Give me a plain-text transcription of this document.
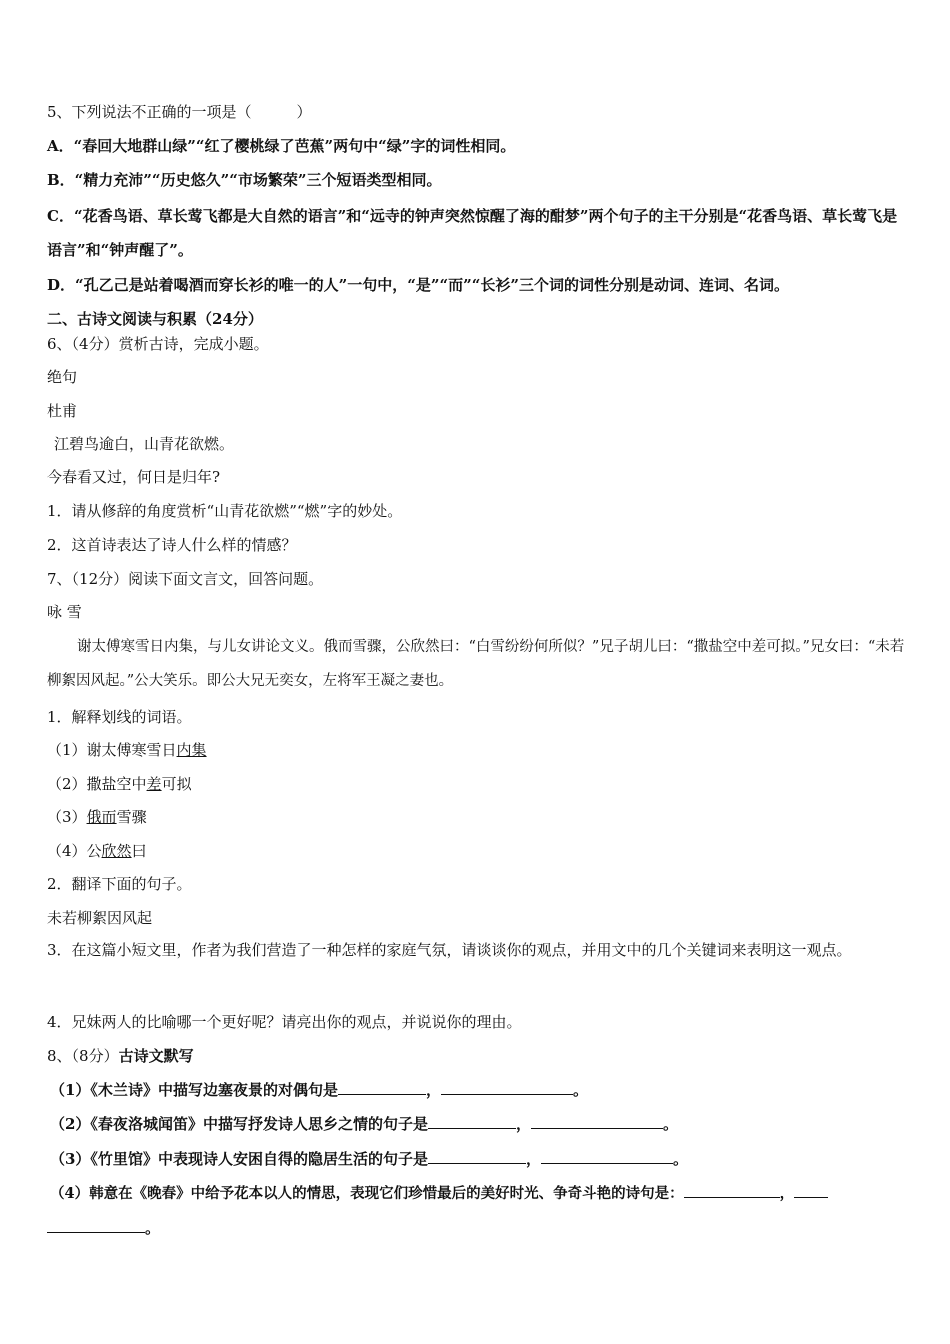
5、下列说法不正确的一项是（　　　）
A．“春回大地群山绿”“红了樱桃绿了芭蕉”两句中“绿”字的词性相同。
B．“精力充沛”“历史悠久”“市场繁荣”三个短语类型相同。
C．“花香鸟语、草长莺飞都是大自然的语言”和“远寺的钟声突然惊醒了海的酣梦”两个句子的主干分别是“花香鸟语、草长莺飞是语言”和“钟声醒了”。
D．“孔乙己是站着喝酒而穿长衫的唯一的人”一句中，“是”“而”“长衫”三个词的词性分别是动词、连词、名词。
二、古诗文阅读与积累（24分）
6、（4分）赏析古诗，完成小题。
绝句
杜甫
江碧鸟逾白，山青花欲燃。
今春看又过，何日是归年?
1．请从修辞的角度赏析“山青花欲燃”“燃”字的妙处。
2．这首诗表达了诗人什么样的情感？
7、（12分）阅读下面文言文，回答问题。
咏 雪
谢太傅寒雪日内集，与儿女讲论文义。俄而雪骤，公欣然曰：“白雪纷纷何所似？”兄子胡儿曰：“撒盐空中差可拟。”兄女曰：“未若柳絮因风起。”公大笑乐。即公大兄无奕女，左将军王凝之妻也。
1．解释划线的词语。
（1）谢太傅寒雪日内集
（2）撒盐空中差可拟
（3）俄而雪骤
（4）公欣然曰
2．翻译下面的句子。
未若柳絮因风起
3．在这篇小短文里，作者为我们营造了一种怎样的家庭气氛，请谈谈你的观点，并用文中的几个关键词来表明这一观点。
4．兄妹两人的比喻哪一个更好呢？请亮出你的观点，并说说你的理由。
8、（8分）古诗文默写
（1）《木兰诗》中描写边塞夜景的对偶句是	，	。
（2）《春夜洛城闻笛》中描写抒发诗人思乡之情的句子是	，	。
（3）《竹里馆》中表现诗人安困自得的隐居生活的句子是	，	。
（4）韩意在《晚春》中给予花本以人的情思，表现它们珍惜最后的美好时光、争奇斗艳的诗句是：	，
。
